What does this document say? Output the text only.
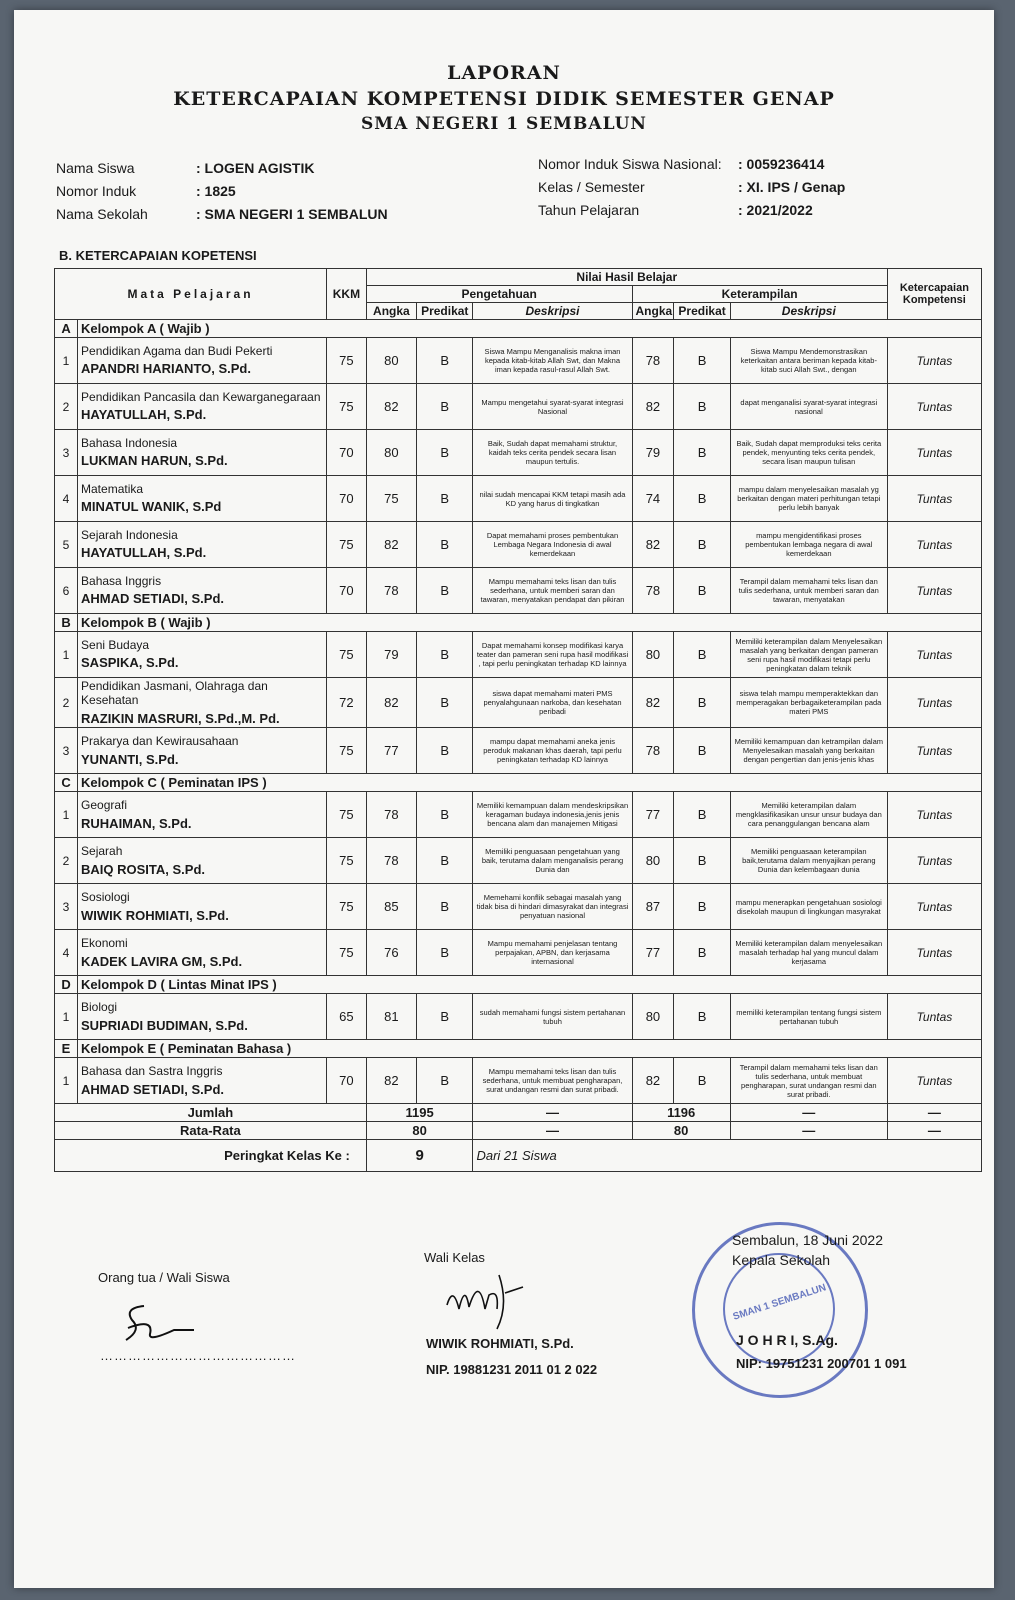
LAPORAN
KETERCAPAIAN KOMPETENSI DIDIK SEMESTER GENAP
SMA NEGERI 1 SEMBALUN
Nama Siswa	: LOGEN AGISTIK
Nomor Induk	: 1825
Nama Sekolah	: SMA NEGERI 1 SEMBALUN
Nomor Induk Siswa Nasional:	: 0059236414
Kelas / Semester	: XI. IPS / Genap
Tahun Pelajaran	: 2021/2022
B. KETERCAPAIAN KOPETENSI
Mata Pelajaran		KKM	Nilai Hasil Belajar						Ketercapaian Kompetensi
			Pengetahuan			Keterampilan			
			Angka	Predikat	Deskripsi	Angka	Predikat	Deskripsi	
A	Kelompok A ( Wajib )								
1	Pendidikan Agama dan Budi Pekerti
APANDRI HARIANTO, S.Pd.	75	80	B	Siswa Mampu Menganalisis makna iman kepada kitab-kitab Allah Swt, dan Makna iman kepada rasul-rasul Allah Swt.	78	B	Siswa Mampu Mendemonstrasikan keterkaitan antara beriman kepada kitab-kitab suci Allah Swt., dengan	Tuntas
2	Pendidikan Pancasila dan Kewarganegaraan
HAYATULLAH, S.Pd.	75	82	B	Mampu mengetahui syarat-syarat integrasi Nasional	82	B	dapat menganalisi syarat-syarat integrasi nasional	Tuntas
3	Bahasa Indonesia
LUKMAN HARUN, S.Pd.	70	80	B	Baik, Sudah dapat memahami struktur, kaidah teks cerita pendek secara lisan maupun tertulis.	79	B	Baik, Sudah dapat memproduksi teks cerita pendek, menyunting teks cerita pendek, secara lisan maupun tulisan	Tuntas
4	Matematika
MINATUL WANIK, S.Pd	70	75	B	nilai sudah mencapai KKM tetapi masih ada KD yang harus di tingkatkan	74	B	mampu dalam menyelesaikan masalah yg berkaitan dengan materi perhitungan tetapi perlu lebih banyak	Tuntas
5	Sejarah Indonesia
HAYATULLAH, S.Pd.	75	82	B	Dapat memahami proses pembentukan Lembaga Negara Indonesia di awal kemerdekaan	82	B	mampu mengidentifikasi proses pembentukan lembaga negara di awal kemerdekaan	Tuntas
6	Bahasa Inggris
AHMAD SETIADI, S.Pd.	70	78	B	Mampu memahami teks lisan dan tulis sederhana, untuk memberi saran dan tawaran, menyatakan pendapat dan pikiran	78	B	Terampil dalam memahami teks lisan dan tulis sederhana, untuk memberi saran dan tawaran, menyatakan	Tuntas
B	Kelompok B ( Wajib )								
1	Seni Budaya
SASPIKA, S.Pd.	75	79	B	Dapat memahami konsep modifikasi karya teater dan pameran seni rupa hasil modifikasi , tapi perlu peningkatan terhadap KD lainnya	80	B	Memiliki keterampilan dalam Menyelesaikan masalah yang berkaitan dengan pameran seni rupa hasil modifikasi tetapi perlu peningkatan dalam teknik	Tuntas
2	Pendidikan Jasmani, Olahraga dan Kesehatan
RAZIKIN MASRURI, S.Pd.,M. Pd.	72	82	B	siswa dapat memahami materi PMS penyalahgunaan narkoba, dan kesehatan peribadi	82	B	siswa telah mampu memperaktekkan dan memperagakan berbagaiketerampilan pada materi PMS	Tuntas
3	Prakarya dan Kewirausahaan
YUNANTI, S.Pd.	75	77	B	mampu dapat memahami aneka jenis peroduk makanan khas daerah, tapi perlu peningkatan terhadap KD lainnya	78	B	Memiliki kemampuan dan ketrampilan dalam Menyelesaikan masalah yang berkaitan dengan pengertian dan jenis-jenis khas	Tuntas
C	Kelompok C ( Peminatan IPS )								
1	Geografi
RUHAIMAN, S.Pd.	75	78	B	Memiliki kemampuan dalam mendeskripsikan keragaman budaya indonesia,jenis jenis bencana alam dan manajemen Mitigasi	77	B	Memiliki keterampilan dalam mengklasifikasikan unsur unsur budaya dan cara penanggulangan bencana alam	Tuntas
2	Sejarah
BAIQ ROSITA, S.Pd.	75	78	B	Memiliki penguasaan pengetahuan yang baik, terutama dalam menganalisis perang Dunia dan	80	B	Memiliki penguasaan keterampilan baik,terutama dalam menyajikan perang Dunia dan kelembagaan dunia	Tuntas
3	Sosiologi
WIWIK ROHMIATI, S.Pd.	75	85	B	Memehami konflik sebagai masalah yang tidak bisa di hindari dimasyrakat dan integrasi penyatuan nasional	87	B	mampu menerapkan pengetahuan sosiologi disekolah maupun di lingkungan masyrakat	Tuntas
4	Ekonomi
KADEK LAVIRA GM, S.Pd.	75	76	B	Mampu memahami penjelasan tentang perpajakan, APBN, dan kerjasama internasional	77	B	Memiliki keterampilan dalam menyelesaikan masalah terhadap hal yang muncul dalam kerjasama	Tuntas
D	Kelompok D ( Lintas Minat IPS )								
1	Biologi
SUPRIADI BUDIMAN, S.Pd.	65	81	B	sudah memahami fungsi sistem pertahanan tubuh	80	B	memiliki keterampilan tentang fungsi sistem pertahanan tubuh	Tuntas
E	Kelompok E ( Peminatan Bahasa )								
1	Bahasa dan Sastra Inggris
AHMAD SETIADI, S.Pd.	70	82	B	Mampu memahami teks lisan dan tulis sederhana, untuk membuat pengharapan, surat undangan resmi dan surat pribadi.	82	B	Terampil dalam memahami teks lisan dan tulis sederhana, untuk membuat pengharapan, surat undangan resmi dan surat pribadi.	Tuntas
Jumlah			1195		—	1196		—	—
Rata-Rata			80		—	80		—	—
Peringkat Kelas Ke :			9		Dari 21 Siswa				
Orang tua / Wali Siswa
……………………………………
Wali Kelas
WIWIK ROHMIATI, S.Pd.
NIP. 19881231 2011 01 2 022
SMAN 1 SEMBALUN
Sembalun, 18 Juni 2022
Kepala Sekolah
J O H R I, S.Ag.
NIP: 19751231 200701 1 091
